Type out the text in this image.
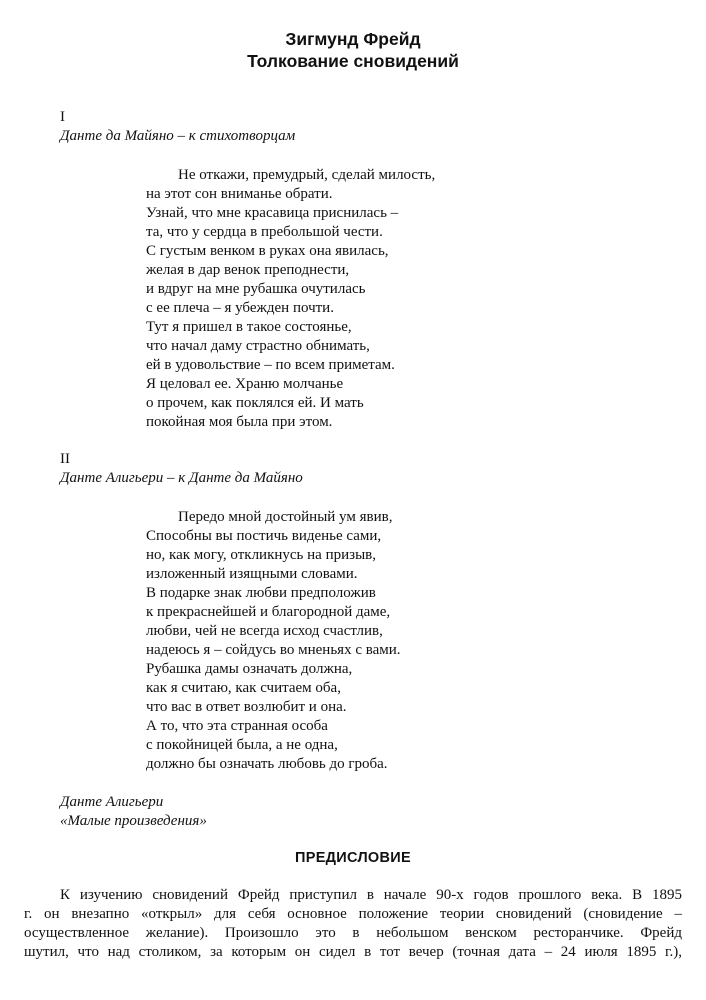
Зигмунд Фрейд
Толкование сновидений

I

Данте да Майяно – к стихотворцам

Не откажи, премудрый, сделай милость,
на этот сон вниманье обрати.
Узнай, что мне красавица приснилась –
та, что у сердца в пребольшой чести.
С густым венком в руках она явилась,
желая в дар венок преподнести,
и вдруг на мне рубашка очутилась
с ее плеча – я убежден почти.
Тут я пришел в такое состоянье,
что начал даму страстно обнимать,
ей в удовольствие – по всем приметам.
Я целовал ее. Храню молчанье
о прочем, как поклялся ей. И мать
покойная моя была при этом.

II

Данте Алигьери – к Данте да Майяно

Передо мной достойный ум явив,
Способны вы постичь виденье сами,
но, как могу, откликнусь на призыв,
изложенный изящными словами.
В подарке знак любви предположив
к прекраснейшей и благородной даме,
любви, чей не всегда исход счастлив,
надеюсь я – сойдусь во мненьях с вами.
Рубашка дамы означать должна,
как я считаю, как считаем оба,
что вас в ответ возлюбит и она.
А то, что эта странная особа
с покойницей была, а не одна,
должно бы означать любовь до гроба.

Данте Алигьери

«Малые произведения»

ПРЕДИСЛОВИЕ

К изучению сновидений Фрейд приступил в начале 90-х годов прошлого века. В 1895
г. он внезапно «открыл» для себя основное положение теории сновидений (сновидение –
осуществленное желание). Произошло это в небольшом венском ресторанчике. Фрейд
шутил, что над столиком, за которым он сидел в тот вечер (точная дата – 24 июля 1895 г.),
